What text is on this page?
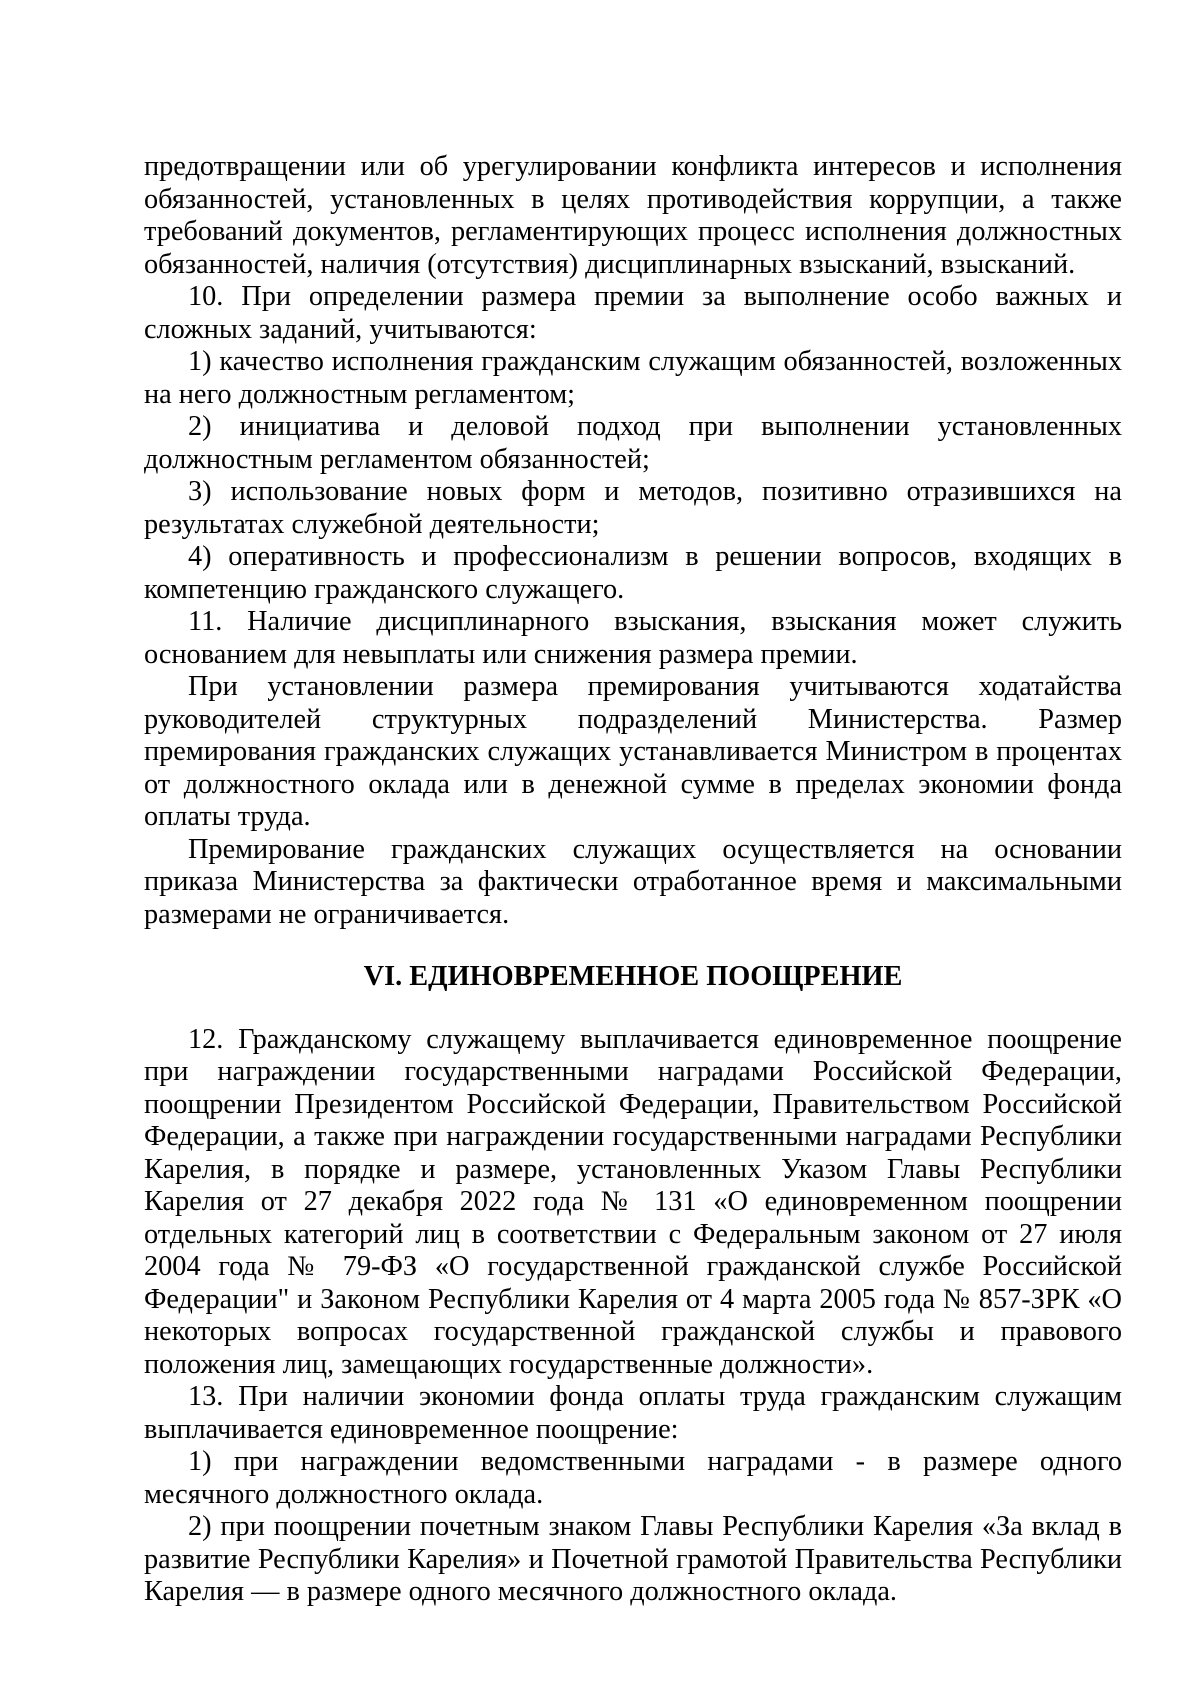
предотвращении или об урегулировании конфликта интересов и исполнения обязанностей, установленных в целях противодействия коррупции, а также требований документов, регламентирующих процесс исполнения должностных обязанностей, наличия (отсутствия) дисциплинарных взысканий, взысканий.

10. При определении размера премии за выполнение особо важных и сложных заданий, учитываются:

1) качество исполнения гражданским служащим обязанностей, возложенных на него должностным регламентом;

2) инициатива и деловой подход при выполнении установленных должностным регламентом обязанностей;

3) использование новых форм и методов, позитивно отразившихся на результатах служебной деятельности;

4) оперативность и профессионализм в решении вопросов, входящих в компетенцию гражданского служащего.

11. Наличие дисциплинарного взыскания, взыскания может служить основанием для невыплаты или снижения размера премии.

При установлении размера премирования учитываются ходатайства руководителей структурных подразделений Министерства. Размер премирования гражданских служащих устанавливается Министром в процентах от должностного оклада или в денежной сумме в пределах экономии фонда оплаты труда.

Премирование гражданских служащих осуществляется на основании приказа Министерства за фактически отработанное время и максимальными размерами не ограничивается.

VI. ЕДИНОВРЕМЕННОЕ ПООЩРЕНИЕ

12. Гражданскому служащему выплачивается единовременное поощрение при награждении государственными наградами Российской Федерации, поощрении Президентом Российской Федерации, Правительством Российской Федерации, а также при награждении государственными наградами Республики Карелия, в порядке и размере, установленных Указом Главы Республики Карелия от 27 декабря 2022 года № 131 «О единовременном поощрении отдельных категорий лиц в соответствии с Федеральным законом от 27 июля 2004 года № 79-ФЗ «О государственной гражданской службе Российской Федерации" и Законом Республики Карелия от 4 марта 2005 года № 857-ЗРК «О некоторых вопросах государственной гражданской службы и правового положения лиц, замещающих государственные должности».

13. При наличии экономии фонда оплаты труда гражданским служащим выплачивается единовременное поощрение:

1) при награждении ведомственными наградами - в размере одного месячного должностного оклада.

2) при поощрении почетным знаком Главы Республики Карелия «За вклад в развитие Республики Карелия» и Почетной грамотой Правительства Республики Карелия — в размере одного месячного должностного оклада.
